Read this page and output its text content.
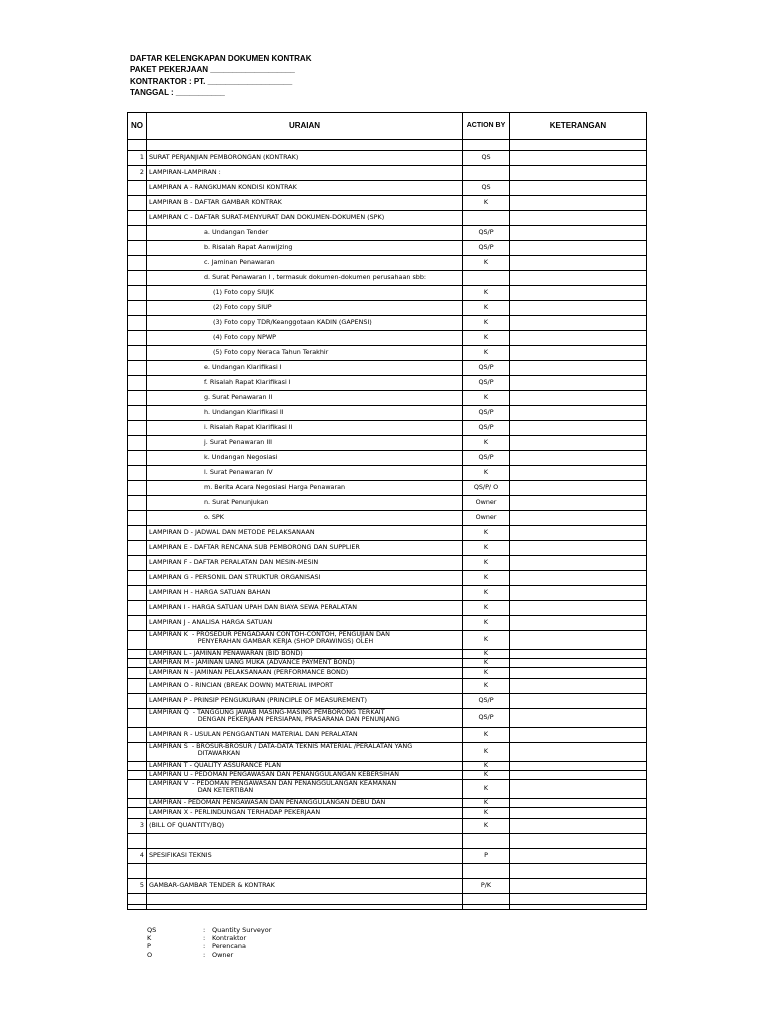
DAFTAR KELENGKAPAN DOKUMEN KONTRAK
PAKET PEKERJAAN ___________________
KONTRAKTOR : PT. ___________________
TANGGAL : ___________
NO	URAIAN	ACTION BY	KETERANGAN

1	SURAT PERJANJIAN PEMBORONGAN (KONTRAK)	QS	
2	LAMPIRAN-LAMPIRAN :		
	LAMPIRAN A - RANGKUMAN KONDISI KONTRAK	QS	
	LAMPIRAN B - DAFTAR GAMBAR KONTRAK	K	
	LAMPIRAN C - DAFTAR SURAT-MENYURAT DAN DOKUMEN-DOKUMEN (SPK)		
	a. Undangan Tender	QS/P	
	b. Risalah Rapat Aanwijzing	QS/P	
	c. Jaminan Penawaran	K	
	d. Surat Penawaran I , termasuk dokumen-dokumen perusahaan sbb:		
	(1) Foto copy SIUJK	K	
	(2) Foto copy SIUP	K	
	(3) Foto copy TDR/Keanggotaan KADIN (GAPENSI)	K	
	(4) Foto copy NPWP	K	
	(5) Foto copy Neraca Tahun Terakhir	K	
	e. Undangan Klarifikasi I	QS/P	
	f. Risalah Rapat Klarifikasi I	QS/P	
	g. Surat Penawaran II	K	
	h. Undangan Klarifikasi II	QS/P	
	i. Risalah Rapat Klarifikasi II	QS/P	
	j. Surat Penawaran III	K	
	k. Undangan Negosiasi	QS/P	
	l. Surat Penawaran IV	K	
	m. Berita Acara Negosiasi Harga Penawaran	QS/P/ O	
	n. Surat Penunjukan	Owner	
	o. SPK	Owner	
	LAMPIRAN D - JADWAL DAN METODE PELAKSANAAN	K	
	LAMPIRAN E - DAFTAR RENCANA SUB PEMBORONG DAN SUPPLIER	K	
	LAMPIRAN F - DAFTAR PERALATAN DAN MESIN-MESIN	K	
	LAMPIRAN G - PERSONIL DAN STRUKTUR ORGANISASI	K	
	LAMPIRAN H - HARGA SATUAN BAHAN	K	
	LAMPIRAN I - HARGA SATUAN UPAH DAN BIAYA SEWA PERALATAN	K	
	LAMPIRAN J - ANALISA HARGA SATUAN	K	
	LAMPIRAN K  - PROSEDUR PENGADAAN CONTOH-CONTOH, PENGUJIAN DAN
PENYERAHAN GAMBAR KERJA (SHOP DRAWINGS) OLEH	K	
	LAMPIRAN L - JAMINAN PENAWARAN (BID BOND)	K	
	LAMPIRAN M - JAMINAN UANG MUKA (ADVANCE PAYMENT BOND)	K	
	LAMPIRAN N - JAMINAN PELAKSANAAN (PERFORMANCE BOND)	K	
	LAMPIRAN O - RINCIAN (BREAK DOWN) MATERIAL IMPORT	K	
	LAMPIRAN P - PRINSIP PENGUKURAN (PRINCIPLE OF MEASUREMENT)	QS/P	
	LAMPIRAN Q  - TANGGUNG JAWAB MASING-MASING PEMBORONG TERKAIT
DENGAN PEKERJAAN PERSIAPAN, PRASARANA DAN PENUNJANG	QS/P	
	LAMPIRAN R - USULAN PENGGANTIAN MATERIAL DAN PERALATAN	K	
	LAMPIRAN S  - BROSUR-BROSUR / DATA-DATA TEKNIS MATERIAL /PERALATAN YANG
DITAWARKAN	K	
	LAMPIRAN T - QUALITY ASSURANCE PLAN	K	
	LAMPIRAN U - PEDOMAN PENGAWASAN DAN PENANGGULANGAN KEBERSIHAN	K	
	LAMPIRAN V  - PEDOMAN PENGAWASAN DAN PENANGGULANGAN KEAMANAN
DAN KETERTIBAN	K	
	LAMPIRAN - PEDOMAN PENGAWASAN DAN PENANGGULANGAN DEBU DAN	K	
	LAMPIRAN X - PERLINDUNGAN TERHADAP PEKERJAAN	K	
3	(BILL OF QUANTITY/BQ)	K	

4	SPESIFIKASI TEKNIS	P	

5	GAMBAR-GAMBAR TENDER & KONTRAK	P/K	

QS	:	Quantity Surveyor
K	:	Kontraktor
P	:	Perencana
O	:	Owner
